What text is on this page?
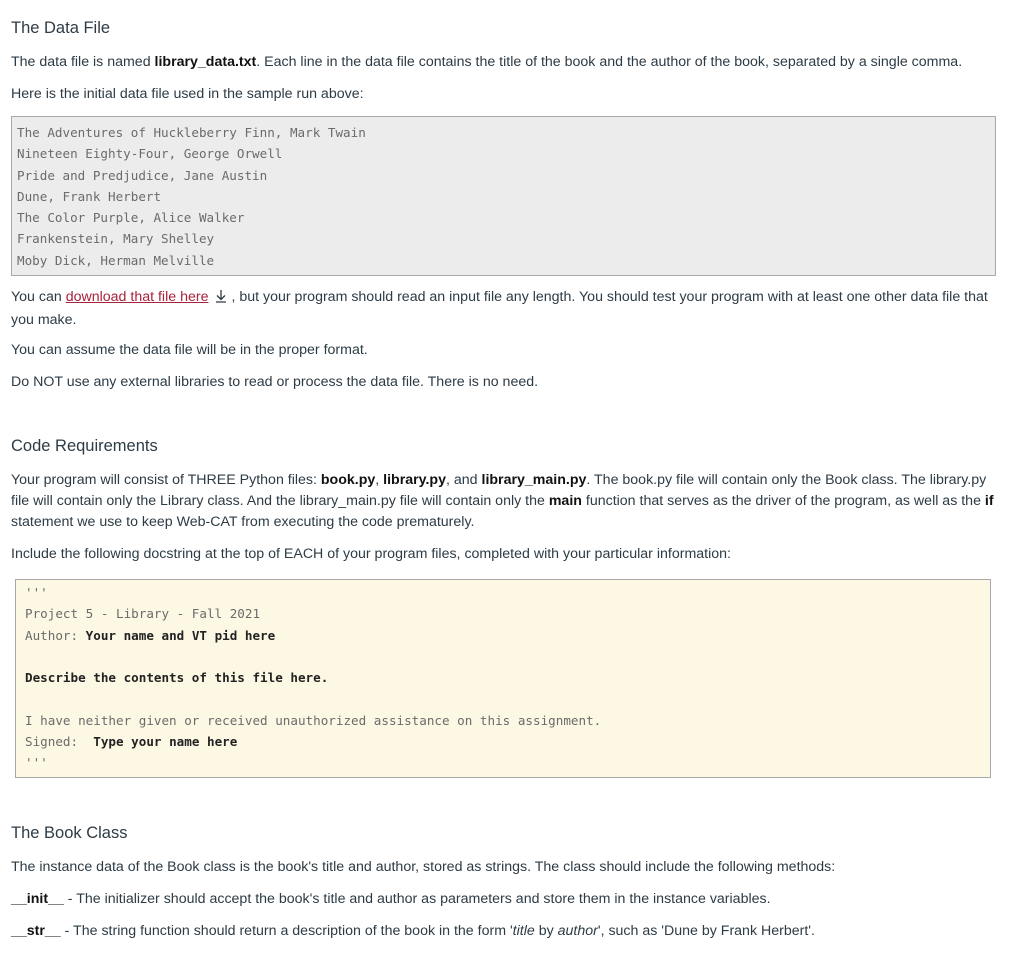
The Data File

The data file is named library_data.txt. Each line in the data file contains the title of the book and the author of the book, separated by a single comma.

Here is the initial data file used in the sample run above:

The Adventures of Huckleberry Finn, Mark Twain
Nineteen Eighty-Four, George Orwell
Pride and Predjudice, Jane Austin
Dune, Frank Herbert
The Color Purple, Alice Walker
Frankenstein, Mary Shelley
Moby Dick, Herman Melville

You can download that file here , but your program should read an input file any length. You should test your program with at least one other data file that you make.

You can assume the data file will be in the proper format.

Do NOT use any external libraries to read or process the data file. There is no need.

Code Requirements

Your program will consist of THREE Python files: book.py, library.py, and library_main.py. The book.py file will contain only the Book class. The library.py file will contain only the Library class. And the library_main.py file will contain only the main function that serves as the driver of the program, as well as the if statement we use to keep Web-CAT from executing the code prematurely.

Include the following docstring at the top of EACH of your program files, completed with your particular information:

'''
Project 5 - Library - Fall 2021
Author: Your name and VT pid here

Describe the contents of this file here.

I have neither given or received unauthorized assistance on this assignment.
Signed:  Type your name here
'''
The Book Class

The instance data of the Book class is the book's title and author, stored as strings. The class should include the following methods:

__init__ - The initializer should accept the book's title and author as parameters and store them in the instance variables.

__str__ - The string function should return a description of the book in the form 'title by author', such as 'Dune by Frank Herbert'.
